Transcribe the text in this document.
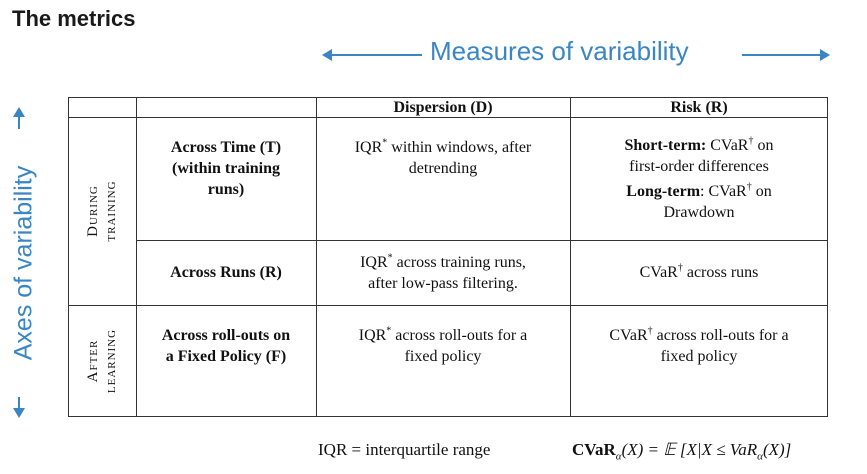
The metrics
Measures of variability
Axes of variability
Dispersion (D)	Risk (R)
During training
After learning
Across Time (T)
(within training
runs)
IQR* within windows, after
detrending
Short-term: CVaR† on
first-order differences
Long-term: CVaR† on
Drawdown
Across Runs (R)
IQR* across training runs,
after low-pass filtering.
CVaR† across runs
Across roll-outs on
a Fixed Policy (F)
IQR* across roll-outs for a
fixed policy
CVaR† across roll-outs for a
fixed policy
IQR = interquartile range	CVaR$_\alpha$(X) = 𝔼 [X|X ≤ VaR$_\alpha$(X)]
